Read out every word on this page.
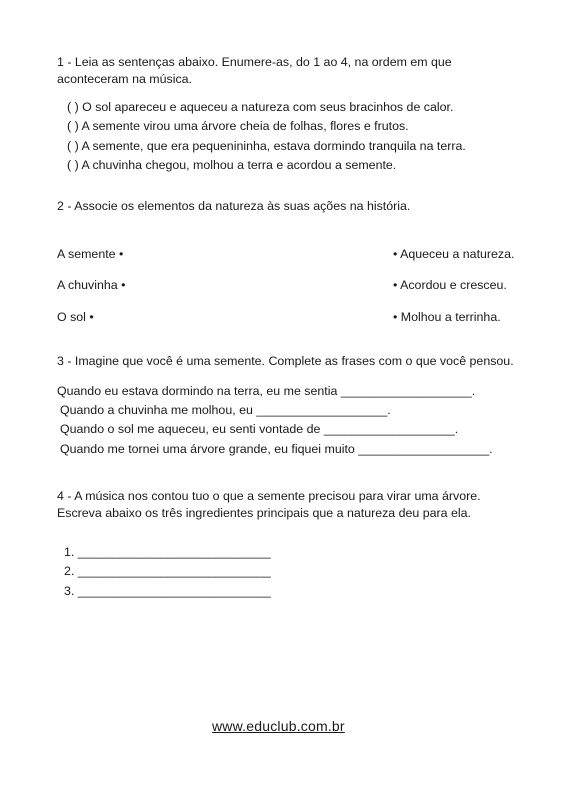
1 - Leia as sentenças abaixo. Enumere-as, do 1 ao 4, na ordem em que aconteceram na música.
( ) O sol apareceu e aqueceu a natureza com seus bracinhos de calor.
( ) A semente virou uma árvore cheia de folhas, flores e frutos.
( ) A semente, que era pequenininha, estava dormindo tranquila na terra.
( ) A chuvinha chegou, molhou a terra e acordou a semente.
2 - Associe os elementos da natureza às suas ações na história.
A semente •
A chuvinha •
O sol •
• Aqueceu a natureza.
• Acordou e cresceu.
• Molhou a terrinha.
3 - Imagine que você é uma semente. Complete as frases com o que você pensou.
Quando eu estava dormindo na terra, eu me sentia ___________________.
Quando a chuvinha me molhou, eu ___________________.
Quando o sol me aqueceu, eu senti vontade de ___________________.
Quando me tornei uma árvore grande, eu fiquei muito ___________________.
4 - A música nos contou tuo o que a semente precisou para virar uma árvore.
Escreva abaixo os três ingredientes principais que a natureza deu para ela.
1. ____________________________
2. ____________________________
3. ____________________________
www.educlub.com.br
